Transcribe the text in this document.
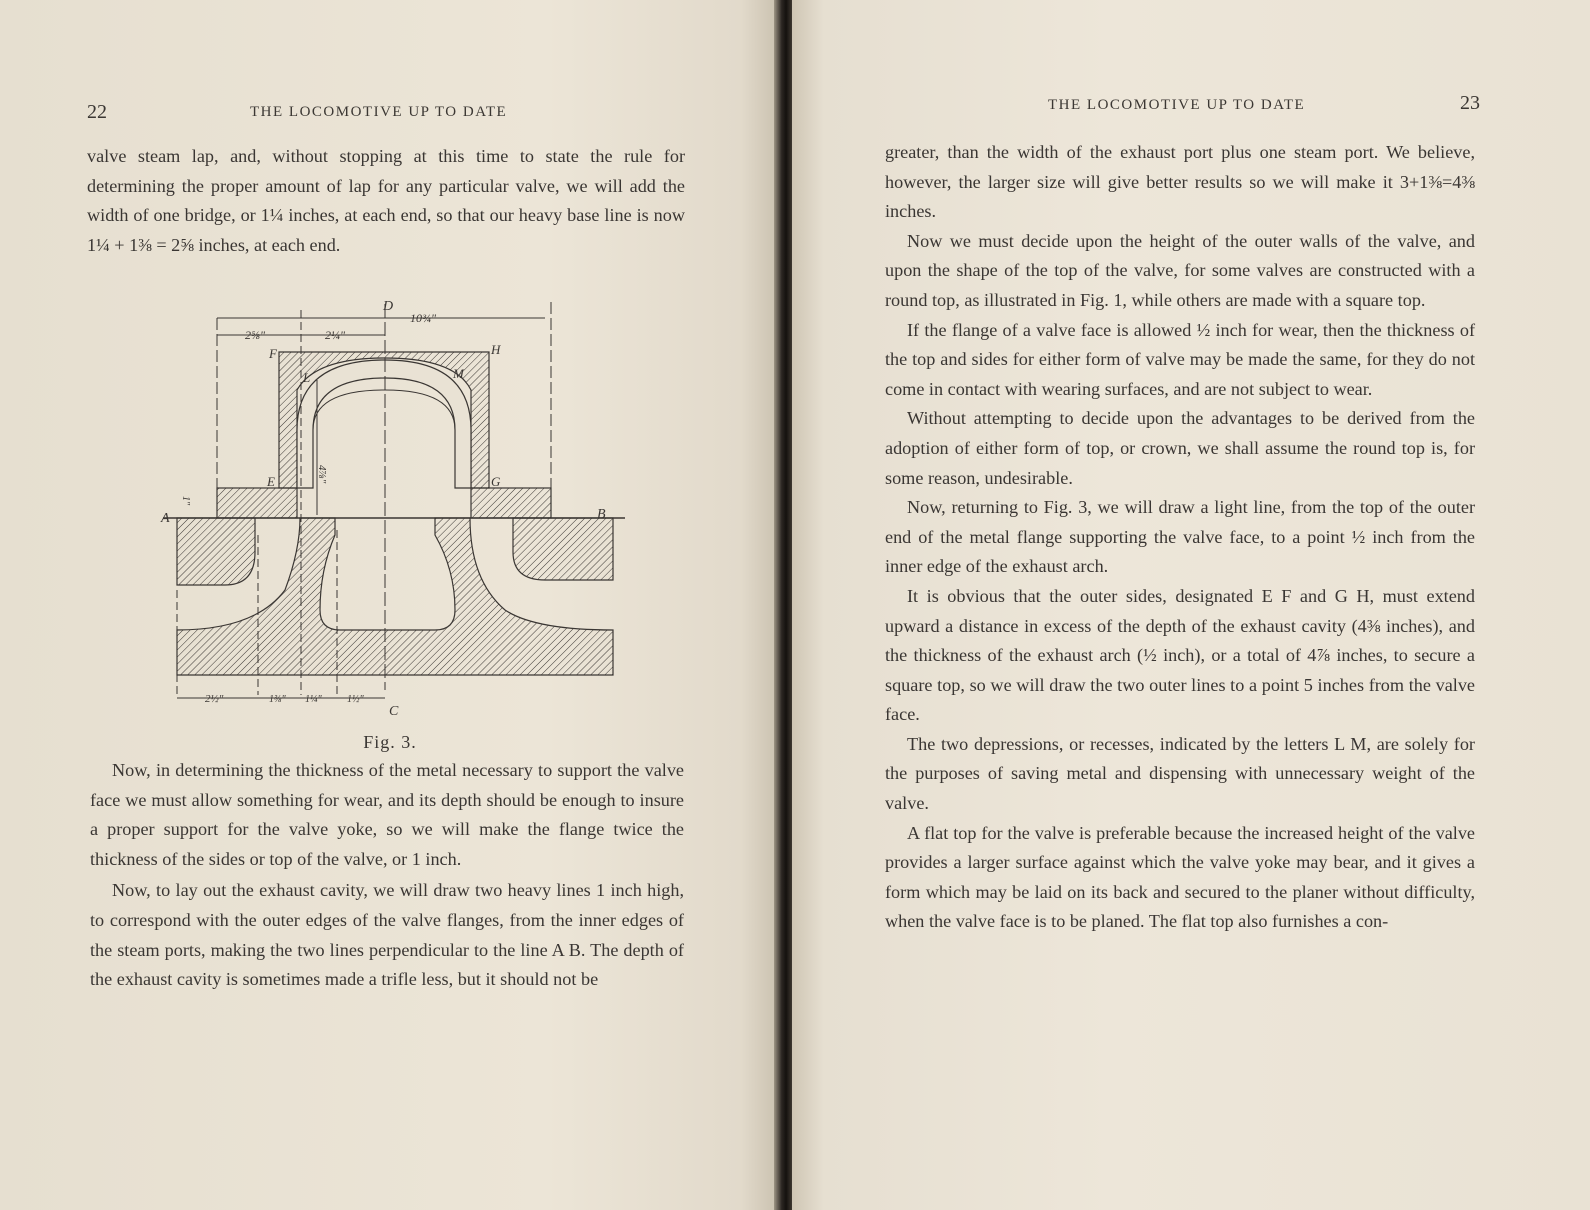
22	THE LOCOMOTIVE UP TO DATE

valve steam lap, and, without stopping at this time to state the rule for determining the proper amount of lap for any particular valve, we will add the width of one bridge, or 1¼ inches, at each end, so that our heavy base line is now 1¼ + 1⅜ = 2⅝ inches, at each end.

D
10¾"
2⅝"	2¼"
F	H
L	M
4⅞"
E	G
1"
A	B
2½"	1⅜" 1¼"	1½"
C
Fig. 3.

Now, in determining the thickness of the metal necessary to support the valve face we must allow something for wear, and its depth should be enough to insure a proper support for the valve yoke, so we will make the flange twice the thickness of the sides or top of the valve, or 1 inch.

Now, to lay out the exhaust cavity, we will draw two heavy lines 1 inch high, to correspond with the outer edges of the valve flanges, from the inner edges of the steam ports, making the two lines perpendicular to the line A B. The depth of the exhaust cavity is sometimes made a trifle less, but it should not be

THE LOCOMOTIVE UP TO DATE	23

greater, than the width of the exhaust port plus one steam port. We believe, however, the larger size will give better results so we will make it 3+1⅜=4⅜ inches.

Now we must decide upon the height of the outer walls of the valve, and upon the shape of the top of the valve, for some valves are constructed with a round top, as illustrated in Fig. 1, while others are made with a square top.

If the flange of a valve face is allowed ½ inch for wear, then the thickness of the top and sides for either form of valve may be made the same, for they do not come in contact with wearing surfaces, and are not subject to wear.

Without attempting to decide upon the advantages to be derived from the adoption of either form of top, or crown, we shall assume the round top is, for some reason, undesirable.

Now, returning to Fig. 3, we will draw a light line, from the top of the outer end of the metal flange supporting the valve face, to a point ½ inch from the inner edge of the exhaust arch.

It is obvious that the outer sides, designated E F and G H, must extend upward a distance in excess of the depth of the exhaust cavity (4⅜ inches), and the thickness of the exhaust arch (½ inch), or a total of 4⅞ inches, to secure a square top, so we will draw the two outer lines to a point 5 inches from the valve face.

The two depressions, or recesses, indicated by the letters L M, are solely for the purposes of saving metal and dispensing with unnecessary weight of the valve.

A flat top for the valve is preferable because the increased height of the valve provides a larger surface against which the valve yoke may bear, and it gives a form which may be laid on its back and secured to the planer without difficulty, when the valve face is to be planed. The flat top also furnishes a con-
